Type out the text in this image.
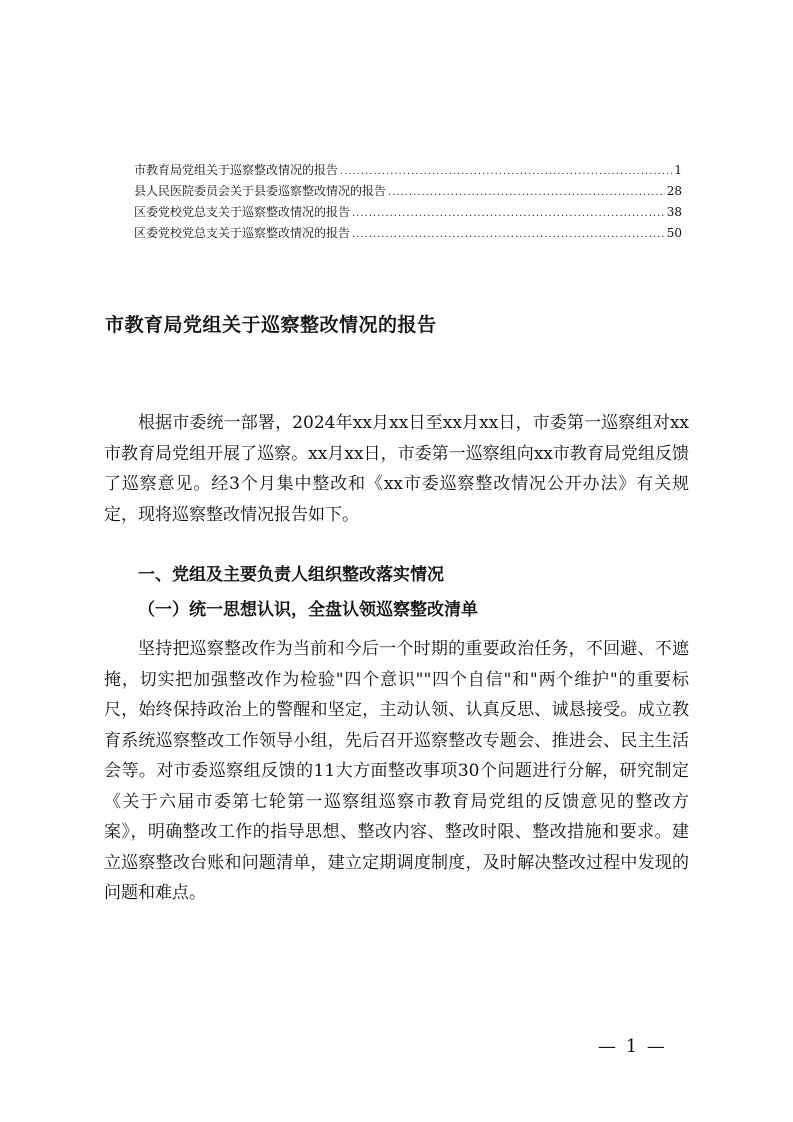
市教育局党组关于巡察整改情况的报告 .....	1
县人民医院委员会关于县委巡察整改情况的报告 .....	28
区委党校党总支关于巡察整改情况的报告 .....	38
区委党校党总支关于巡察整改情况的报告 .....	50
市教育局党组关于巡察整改情况的报告

根据市委统一部署，2024年xx月xx日至xx月xx日，市委第一巡察组对xx市教育局党组开展了巡察。xx月xx日，市委第一巡察组向xx市教育局党组反馈了巡察意见。经3个月集中整改和《xx市委巡察整改情况公开办法》有关规定，现将巡察整改情况报告如下。

一、党组及主要负责人组织整改落实情况
（一）统一思想认识，全盘认领巡察整改清单

坚持把巡察整改作为当前和今后一个时期的重要政治任务，不回避、不遮掩，切实把加强整改作为检验"四个意识""四个自信"和"两个维护"的重要标尺，始终保持政治上的警醒和坚定，主动认领、认真反思、诚恳接受。成立教育系统巡察整改工作领导小组，先后召开巡察整改专题会、推进会、民主生活会等。对市委巡察组反馈的11大方面整改事项30个问题进行分解，研究制定《关于六届市委第七轮第一巡察组巡察市教育局党组的反馈意见的整改方案》，明确整改工作的指导思想、整改内容、整改时限、整改措施和要求。建立巡察整改台账和问题清单，建立定期调度制度，及时解决整改过程中发现的问题和难点。

— 1 —
